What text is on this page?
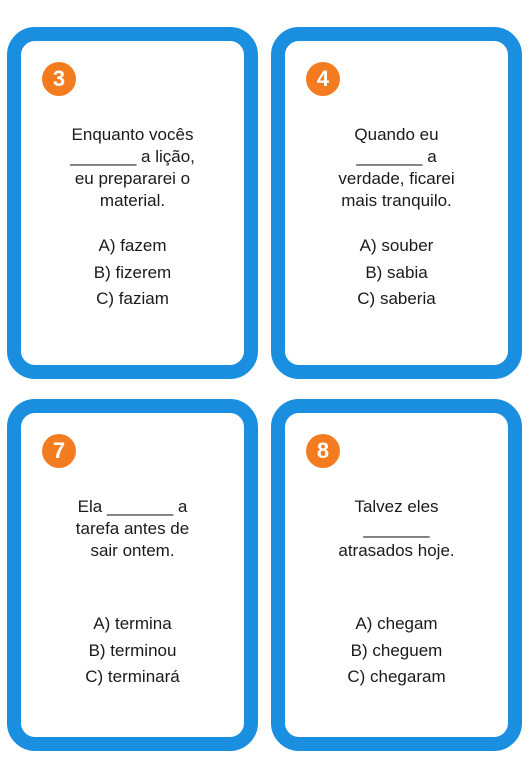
3
Enquanto vocês
_______ a lição,
eu prepararei o
material.
A) fazem
B) fizerem
C) faziam
4
Quando eu
_______ a
verdade, ficarei
mais tranquilo.
A) souber
B) sabia
C) saberia
7
Ela _______ a
tarefa antes de
sair ontem.
A) termina
B) terminou
C) terminará
8
Talvez eles
_______
atrasados hoje.
A) chegam
B) cheguem
C) chegaram
